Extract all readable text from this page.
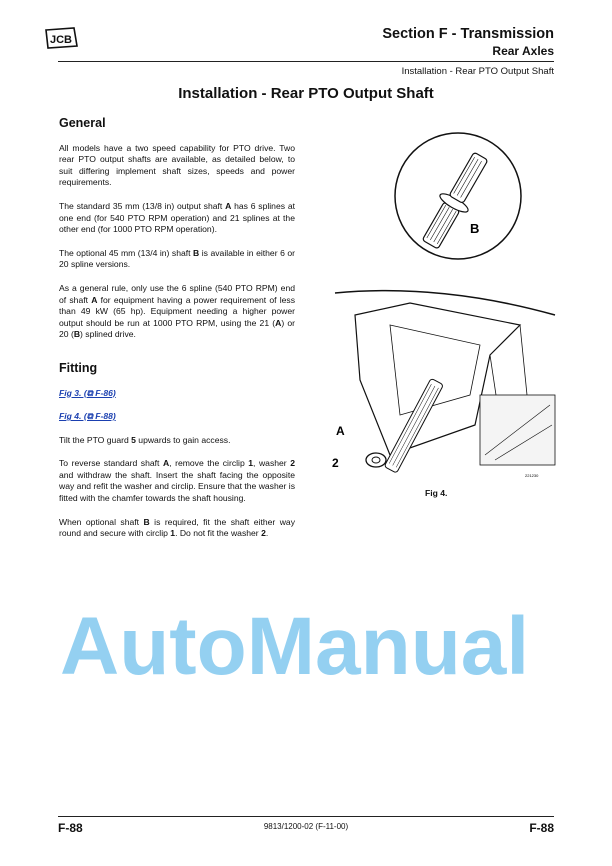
JCB	Section F - Transmission
Rear Axles
Installation - Rear PTO Output Shaft
Installation - Rear PTO Output Shaft
General

All models have a two speed capability for PTO drive. Two rear PTO output shafts are available, as detailed below, to suit differing implement shaft sizes, speeds and power requirements.

The standard 35 mm (13/8 in) output shaft A has 6 splines at one end (for 540 PTO RPM operation) and 21 splines at the other end (for 1000 PTO RPM operation).

The optional 45 mm (13/4 in) shaft B is available in either 6 or 20 spline versions.

As a general rule, only use the 6 spline (540 PTO RPM) end of shaft A for equipment having a power requirement of less than 49 kW (65 hp). Equipment needing a higher power output should be run at 1000 PTO RPM, using the 21 (A) or 20 (B) splined drive.

Fitting

Fig 3. (⧉ F-86)

Fig 4. (⧉ F-88)

Tilt the PTO guard 5 upwards to gain access.

To reverse standard shaft A, remove the circlip 1, washer 2 and withdraw the shaft. Insert the shaft facing the opposite way and refit the washer and circlip. Ensure that the washer is fitted with the chamfer towards the shaft housing.

When optional shaft B is required, fit the shaft either way round and secure with circlip 1. Do not fit the washer 2.

B
A
2
221230
Fig 4.
AutoManual
F-88	9813/1200-02 (F-11-00)	F-88
